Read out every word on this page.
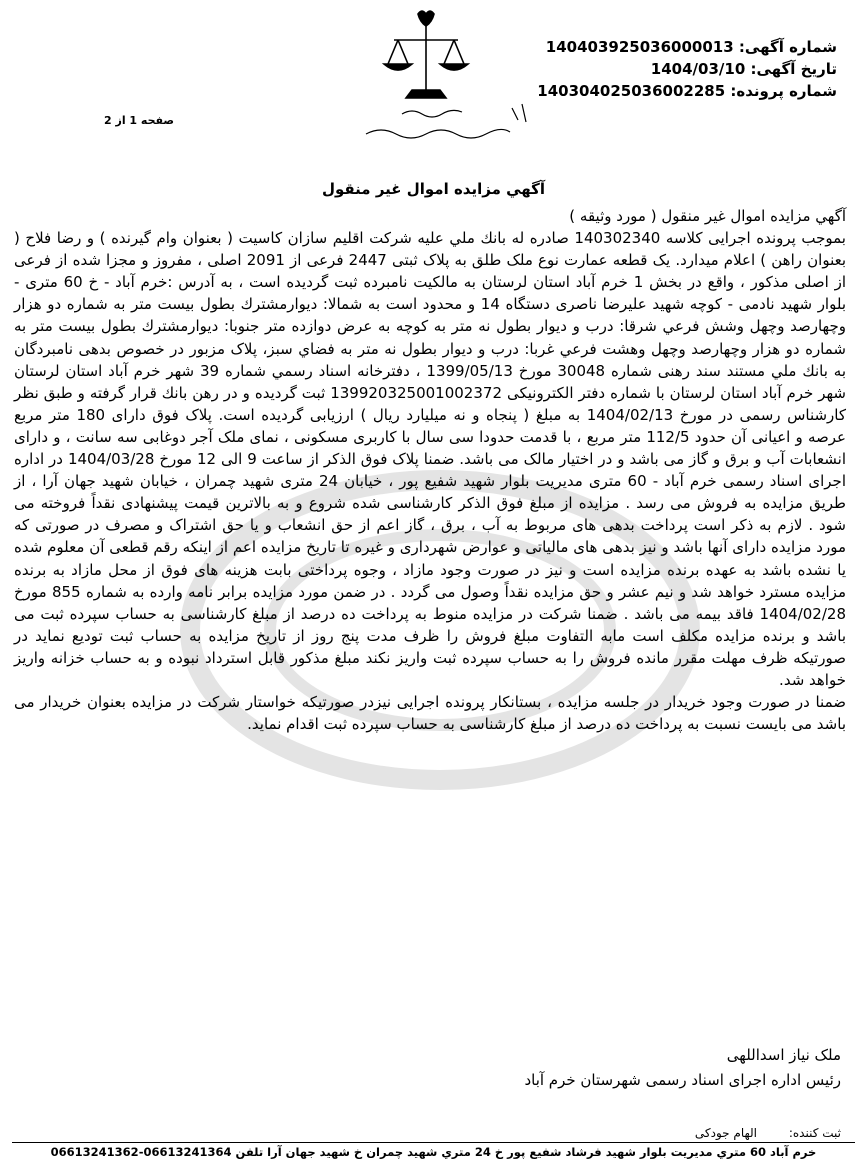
شماره آگهی: 140403925036000013
تاریخ آگهی: 1404/03/10
شماره پرونده: 140304025036002285
صفحه 1 از 2
آگهي مزايده اموال غير منقول

آگهي مزايده اموال غير منقول ( مورد وثيقه )

بموجب پرونده اجرایی کلاسه 140302340 صادره له بانك ملي عليه شركت اقليم سازان كاسيت ( بعنوان وام گيرنده ) و رضا فلاح ( بعنوان راهن ) اعلام ميدارد. یک قطعه عمارت نوع ملک طلق به پلاک ثبتی 2447 فرعی از 2091 اصلی ، مفروز و مجزا شده از فرعی از اصلی مذکور ، واقع در بخش 1 خرم آباد استان لرستان به مالکیت نامبرده ثبت گردیده است ، به آدرس :خرم آباد - خ 60 متری - بلوار شهيد نادمی - كوچه شهيد عليرضا ناصری دستگاه 14 و محدود است به شمالا: ديوارمشترك بطول بيست متر به شماره دو هزار وچهارصد وچهل وشش فرعي شرقا: درب و ديوار بطول نه متر به كوچه به عرض دوازده متر جنوبا: ديوارمشترك بطول بيست متر به شماره دو هزار وچهارصد وچهل وهشت فرعي غربا: درب و ديوار بطول نه متر به فضاي سبز، پلاک مزبور در خصوص بدهی نامبردگان به بانك ملي مستند سند رهنی شماره 30048 مورخ 1399/05/13 ، دفترخانه اسناد رسمي شماره 39 شهر خرم آباد استان لرستان شهر خرم آباد استان لرستان با شماره دفتر الکترونیکی 139920325001002372 ثبت گرديده و در رهن بانك قرار گرفته و طبق نظر كارشناس رسمی در مورخ 1404/02/13 به مبلغ ( پنجاه و نه ميليارد ريال ) ارزيابی گرديده است. پلاک فوق دارای 180 متر مربع عرصه و اعيانی آن حدود 112/5 متر مربع ، با قدمت حدودا سی سال با كاربری مسكونی ، نمای ملک آجر دوغابی سه سانت ، و دارای انشعابات آب و برق و گاز می باشد و در اختيار مالک می باشد. ضمنا پلاک فوق الذکر از ساعت 9 الی 12 مورخ 1404/03/28 در اداره اجرای اسناد رسمی خرم آباد - 60 متری مدیریت بلوار شهید شفیع پور ، خیابان 24 متری شهید چمران ، خیابان شهید جهان آرا ، از طريق مزايده به فروش می رسد . مزايده از مبلغ فوق الذکر كارشناسی شده شروع و به بالاترين قيمت پيشنهادی نقداً فروخته می شود . لازم به ذکر است پرداخت بدهی های مربوط به آب ، برق ، گاز اعم از حق انشعاب و يا حق اشتراک و مصرف در صورتی كه مورد مزايده دارای آنها باشد و نيز بدهی های مالياتی و عوارض شهرداری و غيره تا تاريخ مزايده اعم از اينكه رقم قطعی آن معلوم شده يا نشده باشد به عهده برنده مزايده است و نيز در صورت وجود مازاد ، وجوه پرداختی بابت هزينه های فوق از محل مازاد به برنده مزايده مسترد خواهد شد و نيم عشر و حق مزايده نقداً وصول می گردد . در ضمن مورد مزايده برابر نامه وارده به شماره 855 مورخ 1404/02/28 فاقد بیمه می باشد . ضمنا شرکت در مزايده منوط به پرداخت ده درصد از مبلغ کارشناسی به حساب سپرده ثبت می باشد و برنده مزايده مكلف است مابه التفاوت مبلغ فروش را ظرف مدت پنج روز از تاريخ مزايده به حساب ثبت توديع نمايد در صورتیکه ظرف مهلت مقرر مانده فروش را به حساب سپرده ثبت واريز نكند مبلغ مذكور قابل استرداد نبوده و به حساب خزانه واريز خواهد شد.

ضمنا در صورت وجود خريدار در جلسه مزايده ، بستانكار پرونده اجرايی نيزدر صورتيكه خواستار شركت در مزايده بعنوان خريدار می باشد می بايست نسبت به پرداخت ده درصد از مبلغ كارشناسی به حساب سپرده ثبت اقدام نمايد.

ملک نياز اسداللهی
رئيس اداره اجرای اسناد رسمی شهرستان خرم آباد
ثبت کننده: الهام جودکی
خرم آباد 60 متري مديريت بلوار شهيد فرشاد شفيع پور خ 24 متري شهيد چمران خ شهيد جهان آرا تلفن 06613241364-06613241362
